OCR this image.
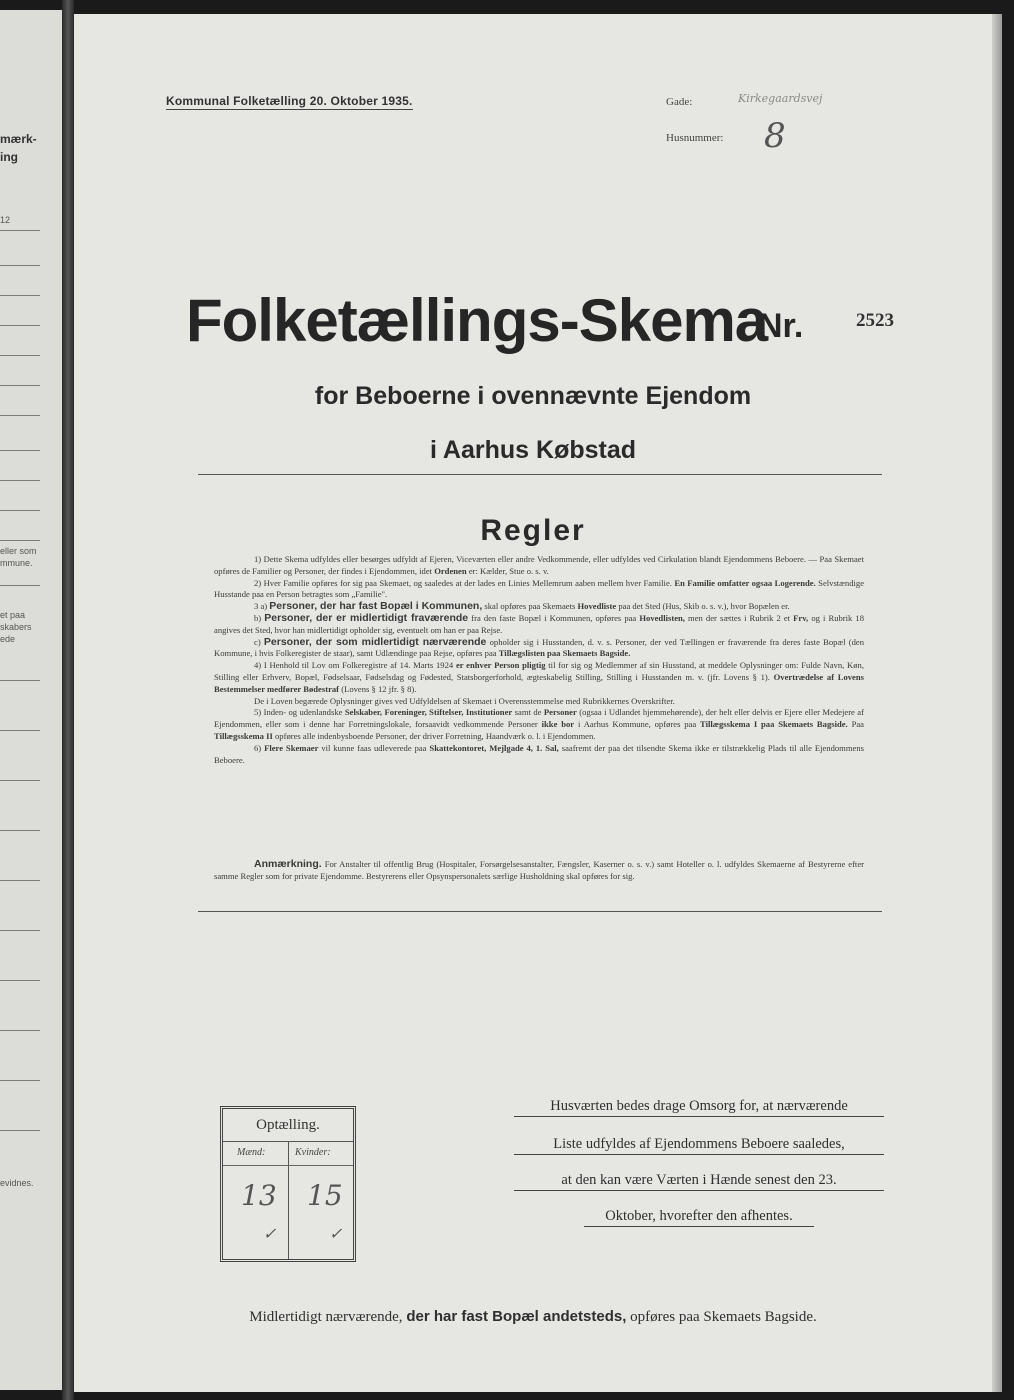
mærk-
ing
12
eller som
mmune.
et paa
skabers
ede
evidnes.
Kommunal Folketælling 20. Oktober 1935.	Gade:	Kirkegaardsvej
Husnummer: 8
Folketællings-Skema
Nr.	2523
for Beboerne i ovennævnte Ejendom
i Aarhus Købstad
Regler

1) Dette Skema udfyldes eller besørges udfyldt af Ejeren, Viceværten eller andre Vedkommende, eller udfyldes ved Cirkulation blandt Ejendommens Beboere. — Paa Skemaet opføres de Familier og Personer, der findes i Ejendommen, idet Ordenen er: Kælder, Stue o. s. v.

2) Hver Familie opføres for sig paa Skemaet, og saaledes at der lades en Linies Mellemrum aaben mellem hver Familie. En Familie omfatter ogsaa Logerende. Selvstændige Husstande paa en Person betragtes som „Familie".

3 a) Personer, der har fast Bopæl i Kommunen, skal opføres paa Skemaets Hovedliste paa det Sted (Hus, Skib o. s. v.), hvor Bopælen er.

b) Personer, der er midlertidigt fraværende fra den faste Bopæl i Kommunen, opføres paa Hovedlisten, men der sættes i Rubrik 2 et Frv, og i Rubrik 18 angives det Sted, hvor han midlertidigt opholder sig, eventuelt om han er paa Rejse.

c) Personer, der som midlertidigt nærværende opholder sig i Husstanden, d. v. s. Personer, der ved Tællingen er fraværende fra deres faste Bopæl (den Kommune, i hvis Folkeregister de staar), samt Udlændinge paa Rejse, opføres paa Tillægslisten paa Skemaets Bagside.

4) I Henhold til Lov om Folkeregistre af 14. Marts 1924 er enhver Person pligtig til for sig og Medlemmer af sin Husstand, at meddele Oplysninger om: Fulde Navn, Køn, Stilling eller Erhverv, Bopæl, Fødselsaar, Fødselsdag og Fødested, Statsborgerforhold, ægteskabelig Stilling, Stilling i Husstanden m. v. (jfr. Lovens § 1). Overtrædelse af Lovens Bestemmelser medfører Bødestraf (Lovens § 12 jfr. § 8).

De i Loven begærede Oplysninger gives ved Udfyldelsen af Skemaet i Overensstemmelse med Rubrikkernes Overskrifter.

5) Inden- og udenlandske Selskaber, Foreninger, Stiftelser, Institutioner samt de Personer (ogsaa i Udlandet hjemmehørende), der helt eller delvis er Ejere eller Medejere af Ejendommen, eller som i denne har Forretningslokale, forsaavidt vedkommende Personer ikke bor i Aarhus Kommune, opføres paa Tillægsskema I paa Skemaets Bagside. Paa Tillægsskema II opføres alle indenbysboende Personer, der driver Forretning, Haandværk o. l. i Ejendommen.

6) Flere Skemaer vil kunne faas udleverede paa Skattekontoret, Mejlgade 4, 1. Sal, saafremt der paa det tilsendte Skema ikke er tilstrækkelig Plads til alle Ejendommens Beboere.

Anmærkning. For Anstalter til offentlig Brug (Hospitaler, Forsørgelsesanstalter, Fængsler, Kaserner o. s. v.) samt Hoteller o. l. udfyldes Skemaerne af Bestyrerne efter samme Regler som for private Ejendomme. Bestyrerens eller Opsynspersonalets særlige Husholdning skal opføres for sig.
Optælling.
Mænd:	Kvinder:
13 15
✓	✓
Husværten bedes drage Omsorg for, at nærværende
Liste udfyldes af Ejendommens Beboere saaledes,
at den kan være Værten i Hænde senest den 23.
Oktober, hvorefter den afhentes.
Midlertidigt nærværende, der har fast Bopæl andetsteds, opføres paa Skemaets Bagside.
